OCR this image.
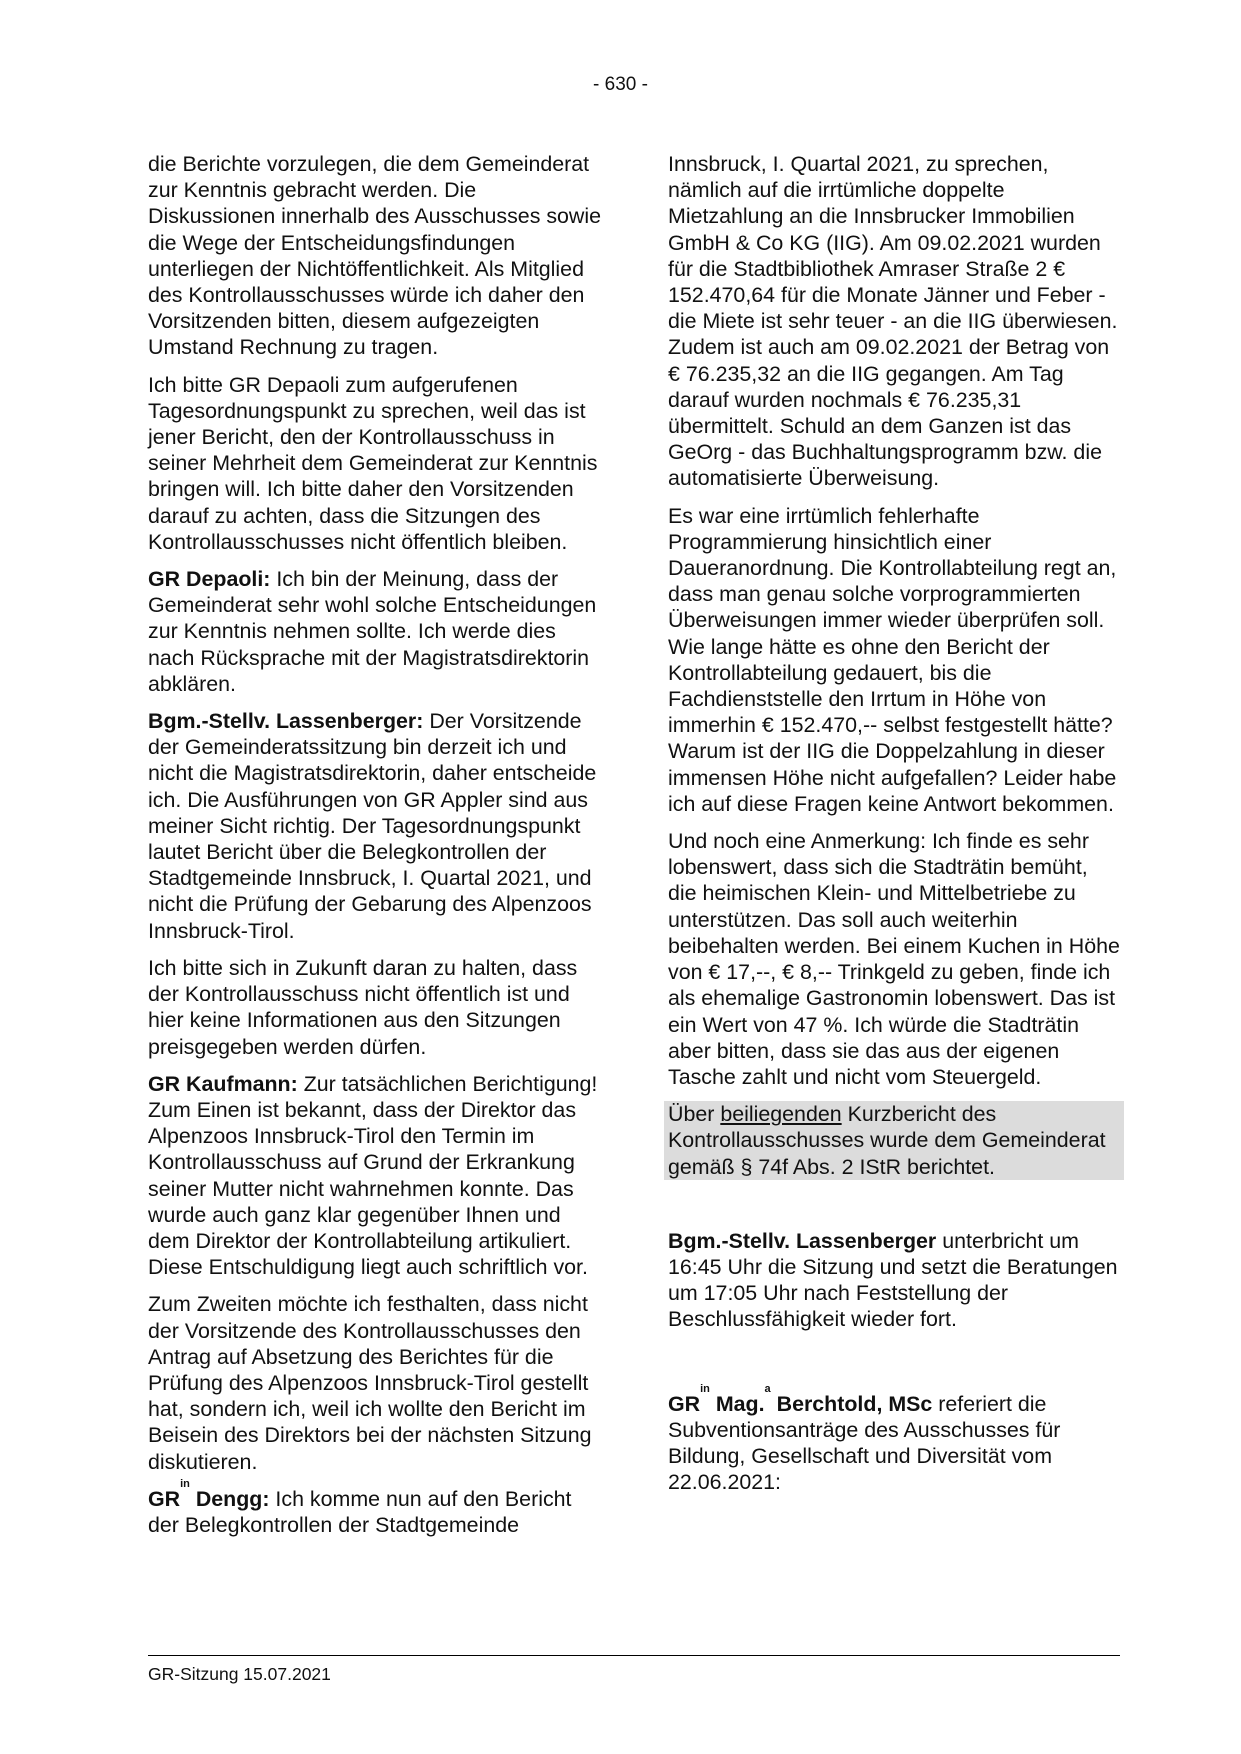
- 630 -

die Berichte vorzulegen, die dem Gemeinderat zur Kenntnis gebracht werden. Die Diskussionen innerhalb des Ausschusses sowie die Wege der Entscheidungsfindungen unterliegen der Nichtöffentlichkeit. Als Mitglied des Kontrollausschusses würde ich daher den Vorsitzenden bitten, diesem aufgezeigten Umstand Rechnung zu tragen.

Ich bitte GR Depaoli zum aufgerufenen Tagesordnungspunkt zu sprechen, weil das ist jener Bericht, den der Kontrollausschuss in seiner Mehrheit dem Gemeinderat zur Kenntnis bringen will. Ich bitte daher den Vorsitzenden darauf zu achten, dass die Sitzungen des Kontrollausschusses nicht öffentlich bleiben.

GR Depaoli: Ich bin der Meinung, dass der Gemeinderat sehr wohl solche Entscheidungen zur Kenntnis nehmen sollte. Ich werde dies nach Rücksprache mit der Magistratsdirektorin abklären.

Bgm.-Stellv. Lassenberger: Der Vorsitzende der Gemeinderatssitzung bin derzeit ich und nicht die Magistratsdirektorin, daher entscheide ich. Die Ausführungen von GR Appler sind aus meiner Sicht richtig. Der Tagesordnungspunkt lautet Bericht über die Belegkontrollen der Stadtgemeinde Innsbruck, I. Quartal 2021, und nicht die Prüfung der Gebarung des Alpenzoos Innsbruck-Tirol.

Ich bitte sich in Zukunft daran zu halten, dass der Kontrollausschuss nicht öffentlich ist und hier keine Informationen aus den Sitzungen preisgegeben werden dürfen.

GR Kaufmann: Zur tatsächlichen Berichtigung! Zum Einen ist bekannt, dass der Direktor das Alpenzoos Innsbruck-Tirol den Termin im Kontrollausschuss auf Grund der Erkrankung seiner Mutter nicht wahrnehmen konnte. Das wurde auch ganz klar gegenüber Ihnen und dem Direktor der Kontrollabteilung artikuliert. Diese Entschuldigung liegt auch schriftlich vor.

Zum Zweiten möchte ich festhalten, dass nicht der Vorsitzende des Kontrollausschusses den Antrag auf Absetzung des Berichtes für die Prüfung des Alpenzoos Innsbruck-Tirol gestellt hat, sondern ich, weil ich wollte den Bericht im Beisein des Direktors bei der nächsten Sitzung diskutieren.

$GR^{in}$ Dengg: Ich komme nun auf den Bericht der Belegkontrollen der Stadtgemeinde

Innsbruck, I. Quartal 2021, zu sprechen, nämlich auf die irrtümliche doppelte Mietzahlung an die Innsbrucker Immobilien GmbH & Co KG (IIG). Am 09.02.2021 wurden für die Stadtbibliothek Amraser Straße 2 € 152.470,64 für die Monate Jänner und Feber - die Miete ist sehr teuer - an die IIG überwiesen. Zudem ist auch am 09.02.2021 der Betrag von € 76.235,32 an die IIG gegangen. Am Tag darauf wurden nochmals € 76.235,31 übermittelt. Schuld an dem Ganzen ist das GeOrg - das Buchhaltungsprogramm bzw. die automatisierte Überweisung.

Es war eine irrtümlich fehlerhafte Programmierung hinsichtlich einer Daueranordnung. Die Kontrollabteilung regt an, dass man genau solche vorprogrammierten Überweisungen immer wieder überprüfen soll. Wie lange hätte es ohne den Bericht der Kontrollabteilung gedauert, bis die Fachdienststelle den Irrtum in Höhe von immerhin € 152.470,-- selbst festgestellt hätte? Warum ist der IIG die Doppelzahlung in dieser immensen Höhe nicht aufgefallen? Leider habe ich auf diese Fragen keine Antwort bekommen.

Und noch eine Anmerkung: Ich finde es sehr lobenswert, dass sich die Stadträtin bemüht, die heimischen Klein- und Mittelbetriebe zu unterstützen. Das soll auch weiterhin beibehalten werden. Bei einem Kuchen in Höhe von € 17,--, € 8,-- Trinkgeld zu geben, finde ich als ehemalige Gastronomin lobenswert. Das ist ein Wert von 47 %. Ich würde die Stadträtin aber bitten, dass sie das aus der eigenen Tasche zahlt und nicht vom Steuergeld.

Über beiliegenden Kurzbericht des Kontrollausschusses wurde dem Gemeinderat gemäß § 74f Abs. 2 IStR berichtet.

Bgm.-Stellv. Lassenberger unterbricht um 16:45 Uhr die Sitzung und setzt die Beratungen um 17:05 Uhr nach Feststellung der Beschlussfähigkeit wieder fort.

$GR^{in}$ Mag.$^a$ Berchtold, MSc referiert die Subventionsanträge des Ausschusses für Bildung, Gesellschaft und Diversität vom 22.06.2021:

GR-Sitzung 15.07.2021
